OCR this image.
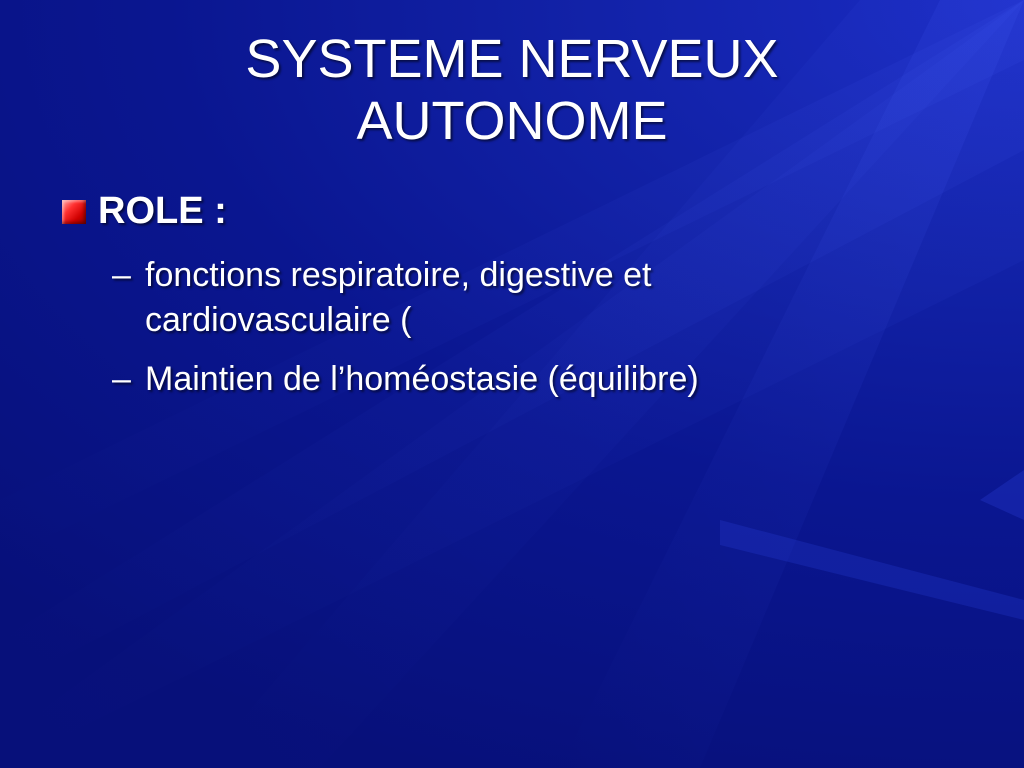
SYSTEME NERVEUX
AUTONOME
ROLE :
– fonctions respiratoire, digestive et
cardiovasculaire (
– Maintien de l’homéostasie (équilibre)
